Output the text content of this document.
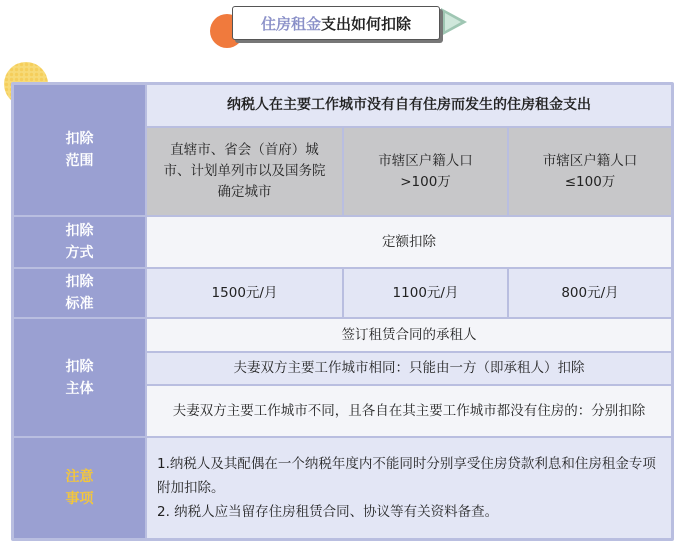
住房租金 支出如何扣除
扣除
范围
纳税人在主要工作城市没有自有住房而发生的住房租金支出
直辖市、省会（首府）城市、计划单列市以及国务院确定城市
市辖区户籍人口
>100万
市辖区户籍人口
≤100万
扣除
方式
定额扣除
扣除
标准
1500元/月	1100元/月	800元/月
扣除
主体
签订租赁合同的承租人
夫妻双方主要工作城市相同：只能由一方（即承租人）扣除
夫妻双方主要工作城市不同，且各自在其主要工作城市都没有住房的：分别扣除
注意
事项
1.纳税人及其配偶在一个纳税年度内不能同时分别享受住房贷款利息和住房租金专项附加扣除。
2. 纳税人应当留存住房租赁合同、协议等有关资料备查。
